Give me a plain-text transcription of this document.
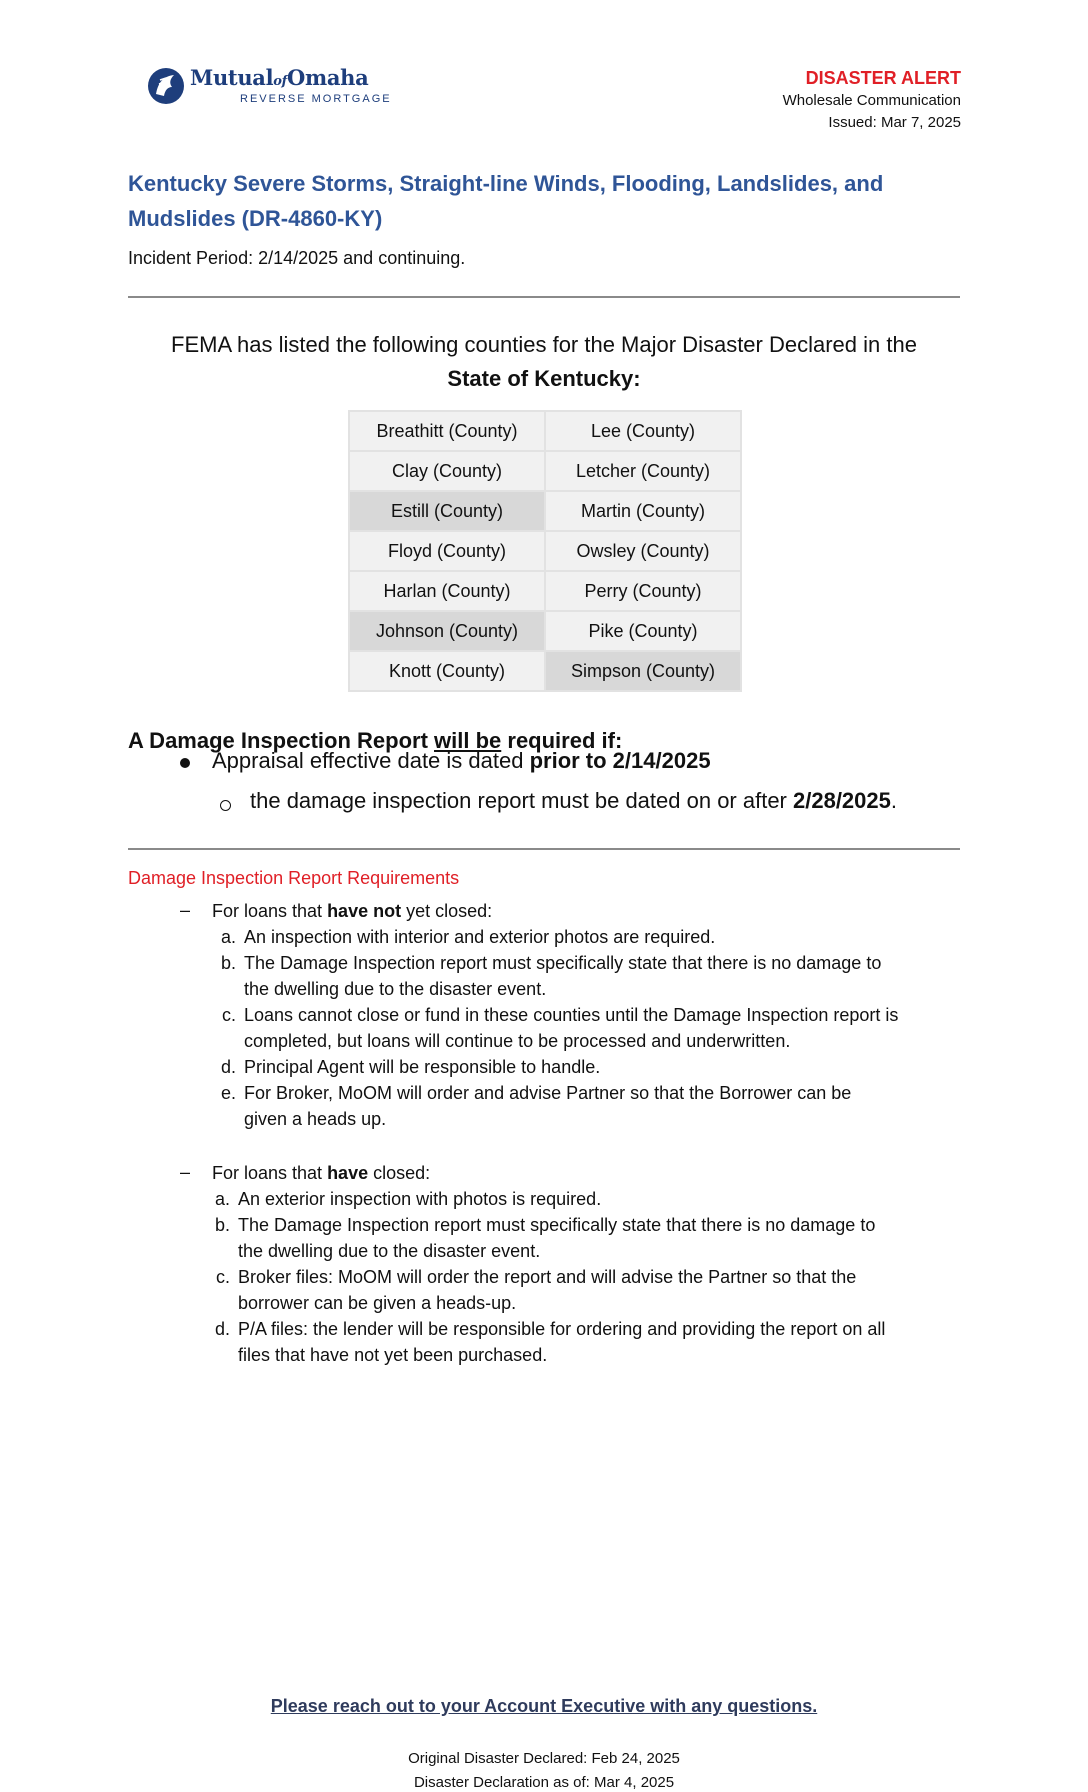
MutualofOmaha
REVERSE MORTGAGE
DISASTER ALERT
Wholesale Communication
Issued: Mar 7, 2025
Kentucky Severe Storms, Straight-line Winds, Flooding, Landslides, and Mudslides (DR-4860-KY)
Incident Period: 2/14/2025 and continuing.
FEMA has listed the following counties for the Major Disaster Declared in the
State of Kentucky:
Breathitt (County)	Lee (County)
Clay (County)	Letcher (County)
Estill (County)	Martin (County)
Floyd (County)	Owsley (County)
Harlan (County)	Perry (County)
Johnson (County)	Pike (County)
Knott (County)	Simpson (County)
A Damage Inspection Report will be required if:
Appraisal effective date is dated prior to 2/14/2025
the damage inspection report must be dated on or after 2/28/2025.
Damage Inspection Report Requirements
– For loans that have not yet closed:
a. An inspection with interior and exterior photos are required.
b. The Damage Inspection report must specifically state that there is no damage to
the dwelling due to the disaster event.
c. Loans cannot close or fund in these counties until the Damage Inspection report is
completed, but loans will continue to be processed and underwritten.
d. Principal Agent will be responsible to handle.
e. For Broker, MoOM will order and advise Partner so that the Borrower can be
given a heads up.
– For loans that have closed:
a. An exterior inspection with photos is required.
b. The Damage Inspection report must specifically state that there is no damage to
the dwelling due to the disaster event.
c. Broker files: MoOM will order the report and will advise the Partner so that the
borrower can be given a heads-up.
d. P/A files: the lender will be responsible for ordering and providing the report on all
files that have not yet been purchased.
Please reach out to your Account Executive with any questions.
Original Disaster Declared: Feb 24, 2025
Disaster Declaration as of: Mar 4, 2025
